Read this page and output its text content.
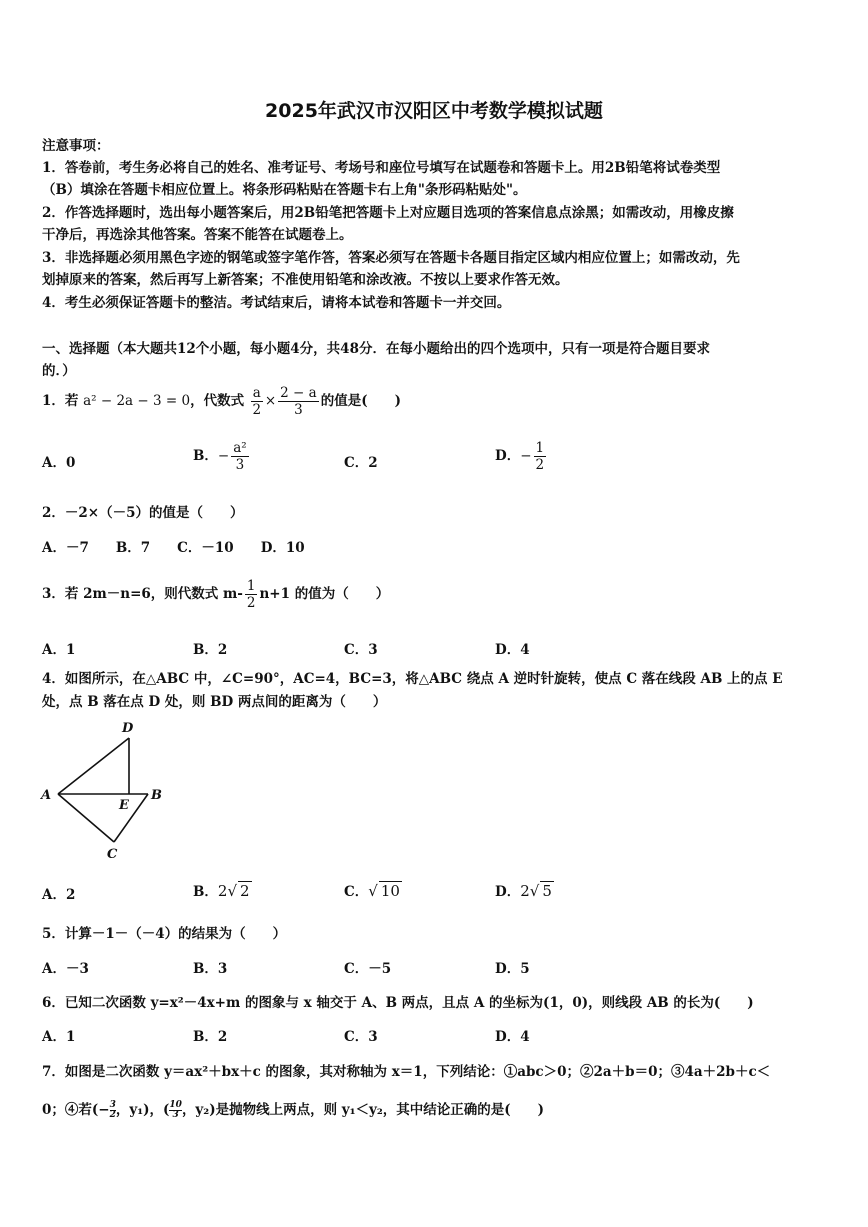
2025年武汉市汉阳区中考数学模拟试题
注意事项：
1．答卷前，考生务必将自己的姓名、准考证号、考场号和座位号填写在试题卷和答题卡上。用2B铅笔将试卷类型
（B）填涂在答题卡相应位置上。将条形码粘贴在答题卡右上角"条形码粘贴处"。
2．作答选择题时，选出每小题答案后，用2B铅笔把答题卡上对应题目选项的答案信息点涂黑；如需改动，用橡皮擦
干净后，再选涂其他答案。答案不能答在试题卷上。
3．非选择题必须用黑色字迹的钢笔或签字笔作答，答案必须写在答题卡各题目指定区域内相应位置上；如需改动，先
划掉原来的答案，然后再写上新答案；不准使用铅笔和涂改液。不按以上要求作答无效。
4．考生必须保证答题卡的整洁。考试结束后，请将本试卷和答题卡一并交回。
一、选择题（本大题共12个小题，每小题4分，共48分．在每小题给出的四个选项中，只有一项是符合题目要求
的．）
1．若 a² − 2a − 3 = 0，代数式 $\frac{a}{2} \times \frac{2 - a}{3}$ 的值是(　　)
A．0	B．− $\frac{\text{a²}}{3}$	C．2	D．− $\frac{1}{2}$
2．－2×（－5）的值是（　　）
A．－7　　B．7　　C．－10　　D．10
3．若 2m－n=6，则代数式 $m- \frac{1}{2} n+1$ 的值为（　　）
A．1	B．2	C．3	D．4
4．如图所示，在△ABC 中，∠C=90°，AC=4，BC=3，将△ABC 绕点 A 逆时针旋转，使点 C 落在线段 AB 上的点 E
处，点 B 落在点 D 处，则 BD 两点间的距离为（　　）
D
A
E
B
C
A．2	B．2√ 2	C．√ 10	D．2√ 5
5．计算－1－（－4）的结果为（　　）
A．－3	B．3	C．－5	D．5
6．已知二次函数 y=x²－4x+m 的图象与 x 轴交于 A、B 两点，且点 A 的坐标为(1，0)，则线段 AB 的长为(　　)
A．1	B．2	C．3	D．4
7．如图是二次函数 y＝ax²＋bx＋c 的图象，其对称轴为 x＝1，下列结论：①abc＞0；②2a＋b＝0；③4a＋2b＋c＜
0；④若(− $\frac{3}{2}$ ，y₁)，( $\frac{10}{3}$ ，y₂)是抛物线上两点，则 y₁＜y₂，其中结论正确的是(　　)
